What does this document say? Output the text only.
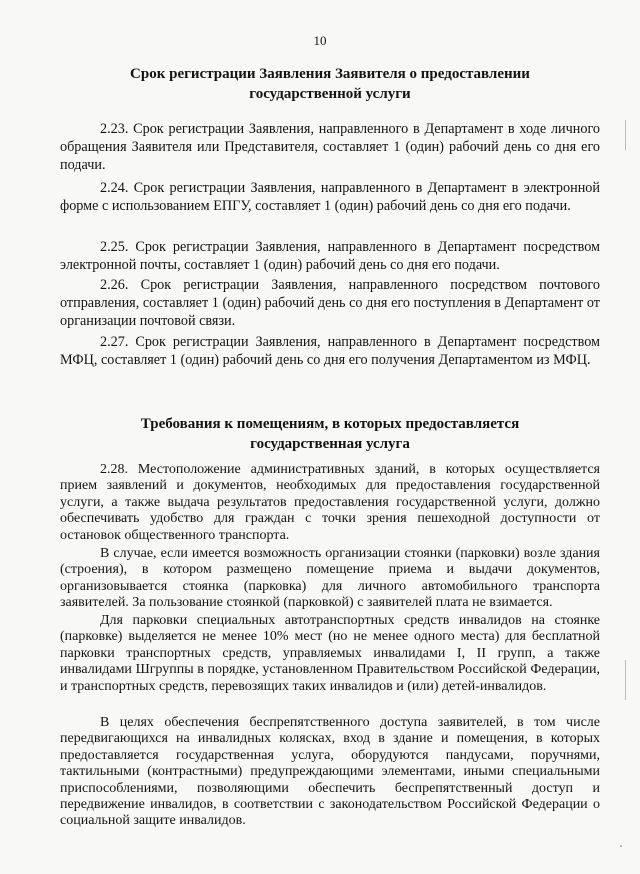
10
Срок регистрации Заявления Заявителя о предоставлении
государственной услуги
2.23. Срок регистрации Заявления, направленного в Департамент в ходе личного обращения Заявителя или Представителя, составляет 1 (один) рабочий день со дня его подачи.
2.24. Срок регистрации Заявления, направленного в Департамент в электронной форме с использованием ЕПГУ, составляет 1 (один) рабочий день со дня его подачи.
2.25. Срок регистрации Заявления, направленного в Департамент посредством электронной почты, составляет 1 (один) рабочий день со дня его подачи.
2.26. Срок регистрации Заявления, направленного посредством почтового отправления, составляет 1 (один) рабочий день со дня его поступления в Департамент от организации почтовой связи.
2.27. Срок регистрации Заявления, направленного в Департамент посредством МФЦ, составляет 1 (один) рабочий день со дня его получения Департаментом из МФЦ.
Требования к помещениям, в которых предоставляется
государственная услуга
2.28. Местоположение административных зданий, в которых осуществляется прием заявлений и документов, необходимых для предоставления государственной услуги, а также выдача результатов предоставления государственной услуги, должно обеспечивать удобство для граждан с точки зрения пешеходной доступности от остановок общественного транспорта.
В случае, если имеется возможность организации стоянки (парковки) возле здания (строения), в котором размещено помещение приема и выдачи документов, организовывается стоянка (парковка) для личного автомобильного транспорта заявителей. За пользование стоянкой (парковкой) с заявителей плата не взимается.
Для парковки специальных автотранспортных средств инвалидов на стоянке (парковке) выделяется не менее 10% мест (но не менее одного места) для бесплатной парковки транспортных средств, управляемых инвалидами I, II групп, а также инвалидами Шгруппы в порядке, установленном Правительством Российской Федерации, и транспортных средств, перевозящих таких инвалидов и (или) детей-инвалидов.
В целях обеспечения беспрепятственного доступа заявителей, в том числе передвигающихся на инвалидных колясках, вход в здание и помещения, в которых предоставляется государственная услуга, оборудуются пандусами, поручнями, тактильными (контрастными) предупреждающими элементами, иными специальными приспособлениями, позволяющими обеспечить беспрепятственный доступ и передвижение инвалидов, в соответствии с законодательством Российской Федерации о социальной защите инвалидов.
